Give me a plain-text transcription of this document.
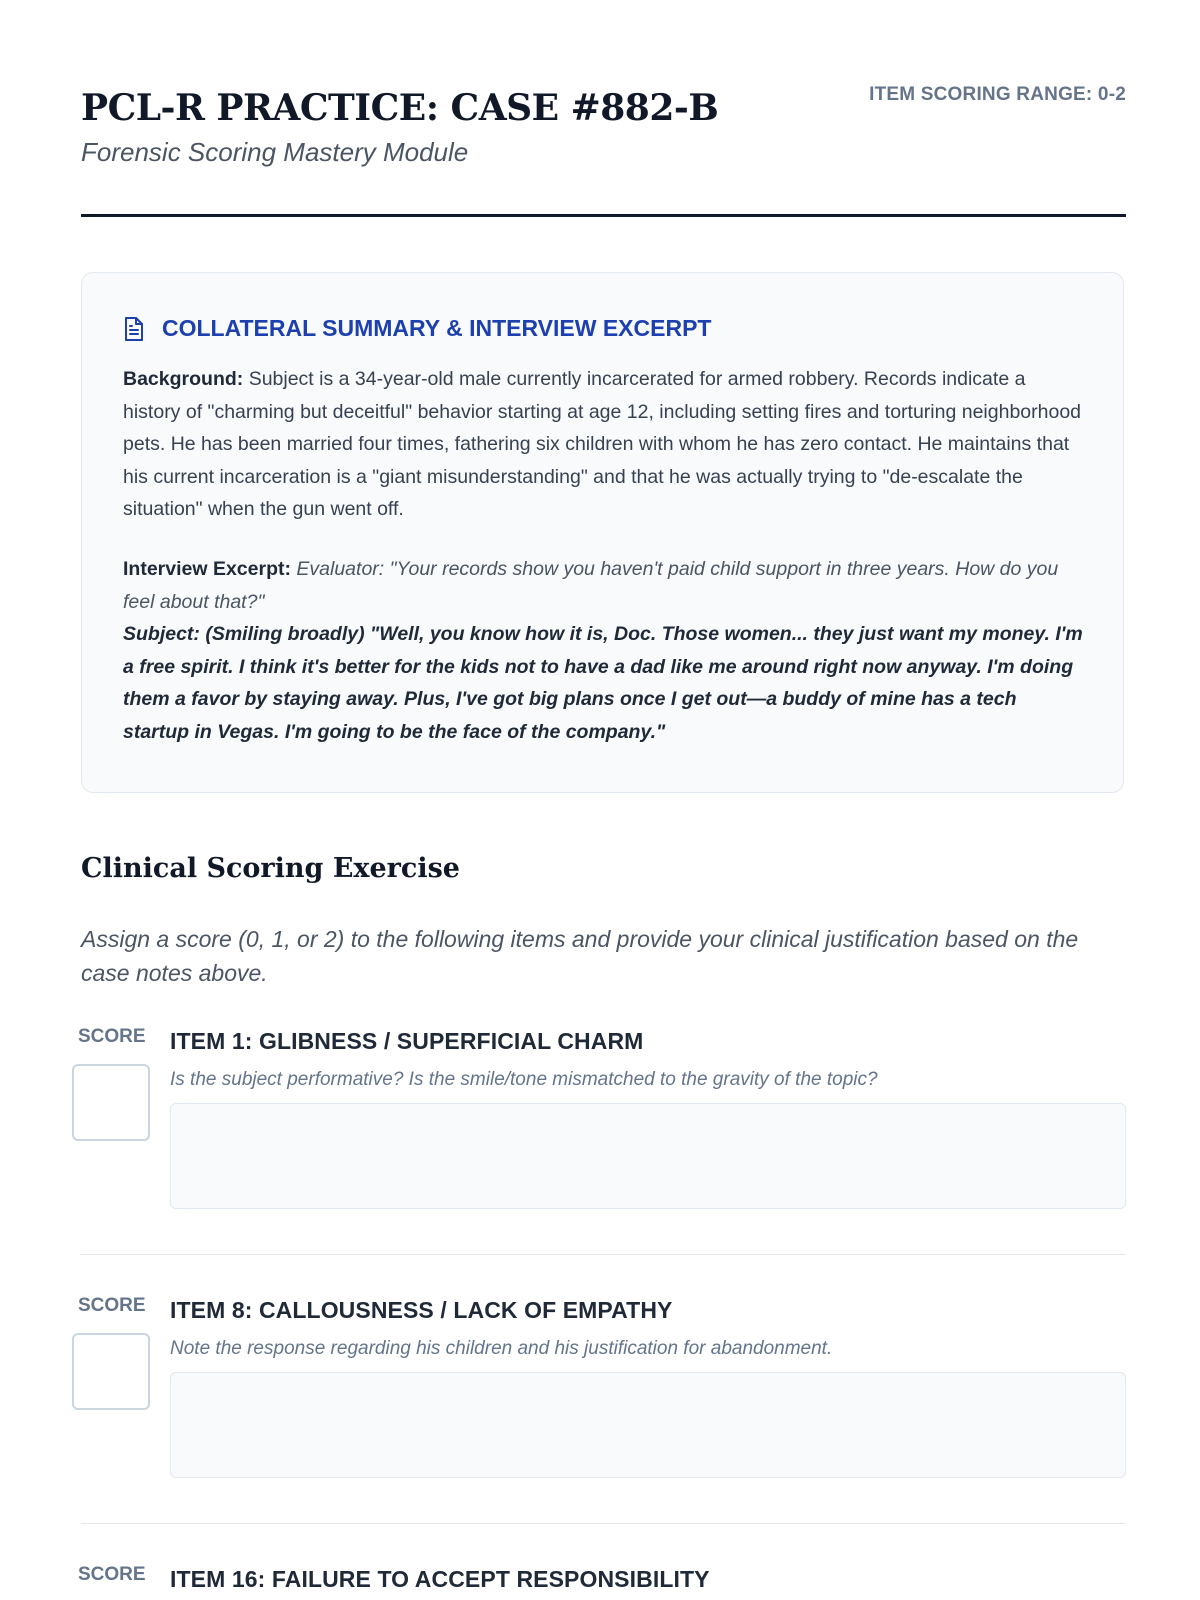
PCL-R PRACTICE: CASE #882-B
Forensic Scoring Mastery Module
ITEM SCORING RANGE: 0-2
COLLATERAL SUMMARY & INTERVIEW EXCERPT
Background: Subject is a 34-year-old male currently incarcerated for armed robbery. Records indicate a history of "charming but deceitful" behavior starting at age 12, including setting fires and torturing neighborhood pets. He has been married four times, fathering six children with whom he has zero contact. He maintains that his current incarceration is a "giant misunderstanding" and that he was actually trying to "de-escalate the situation" when the gun went off.
Interview Excerpt: Evaluator: "Your records show you haven't paid child support in three years. How do you feel about that?"
Subject: (Smiling broadly) "Well, you know how it is, Doc. Those women... they just want my money. I'm a free spirit. I think it's better for the kids not to have a dad like me around right now anyway. I'm doing them a favor by staying away. Plus, I've got big plans once I get out—a buddy of mine has a tech startup in Vegas. I'm going to be the face of the company."
Clinical Scoring Exercise
Assign a score (0, 1, or 2) to the following items and provide your clinical justification based on the case notes above.
SCORE ITEM 1: GLIBNESS / SUPERFICIAL CHARM
Is the subject performative? Is the smile/tone mismatched to the gravity of the topic?
SCORE ITEM 8: CALLOUSNESS / LACK OF EMPATHY
Note the response regarding his children and his justification for abandonment.
SCORE ITEM 16: FAILURE TO ACCEPT RESPONSIBILITY
